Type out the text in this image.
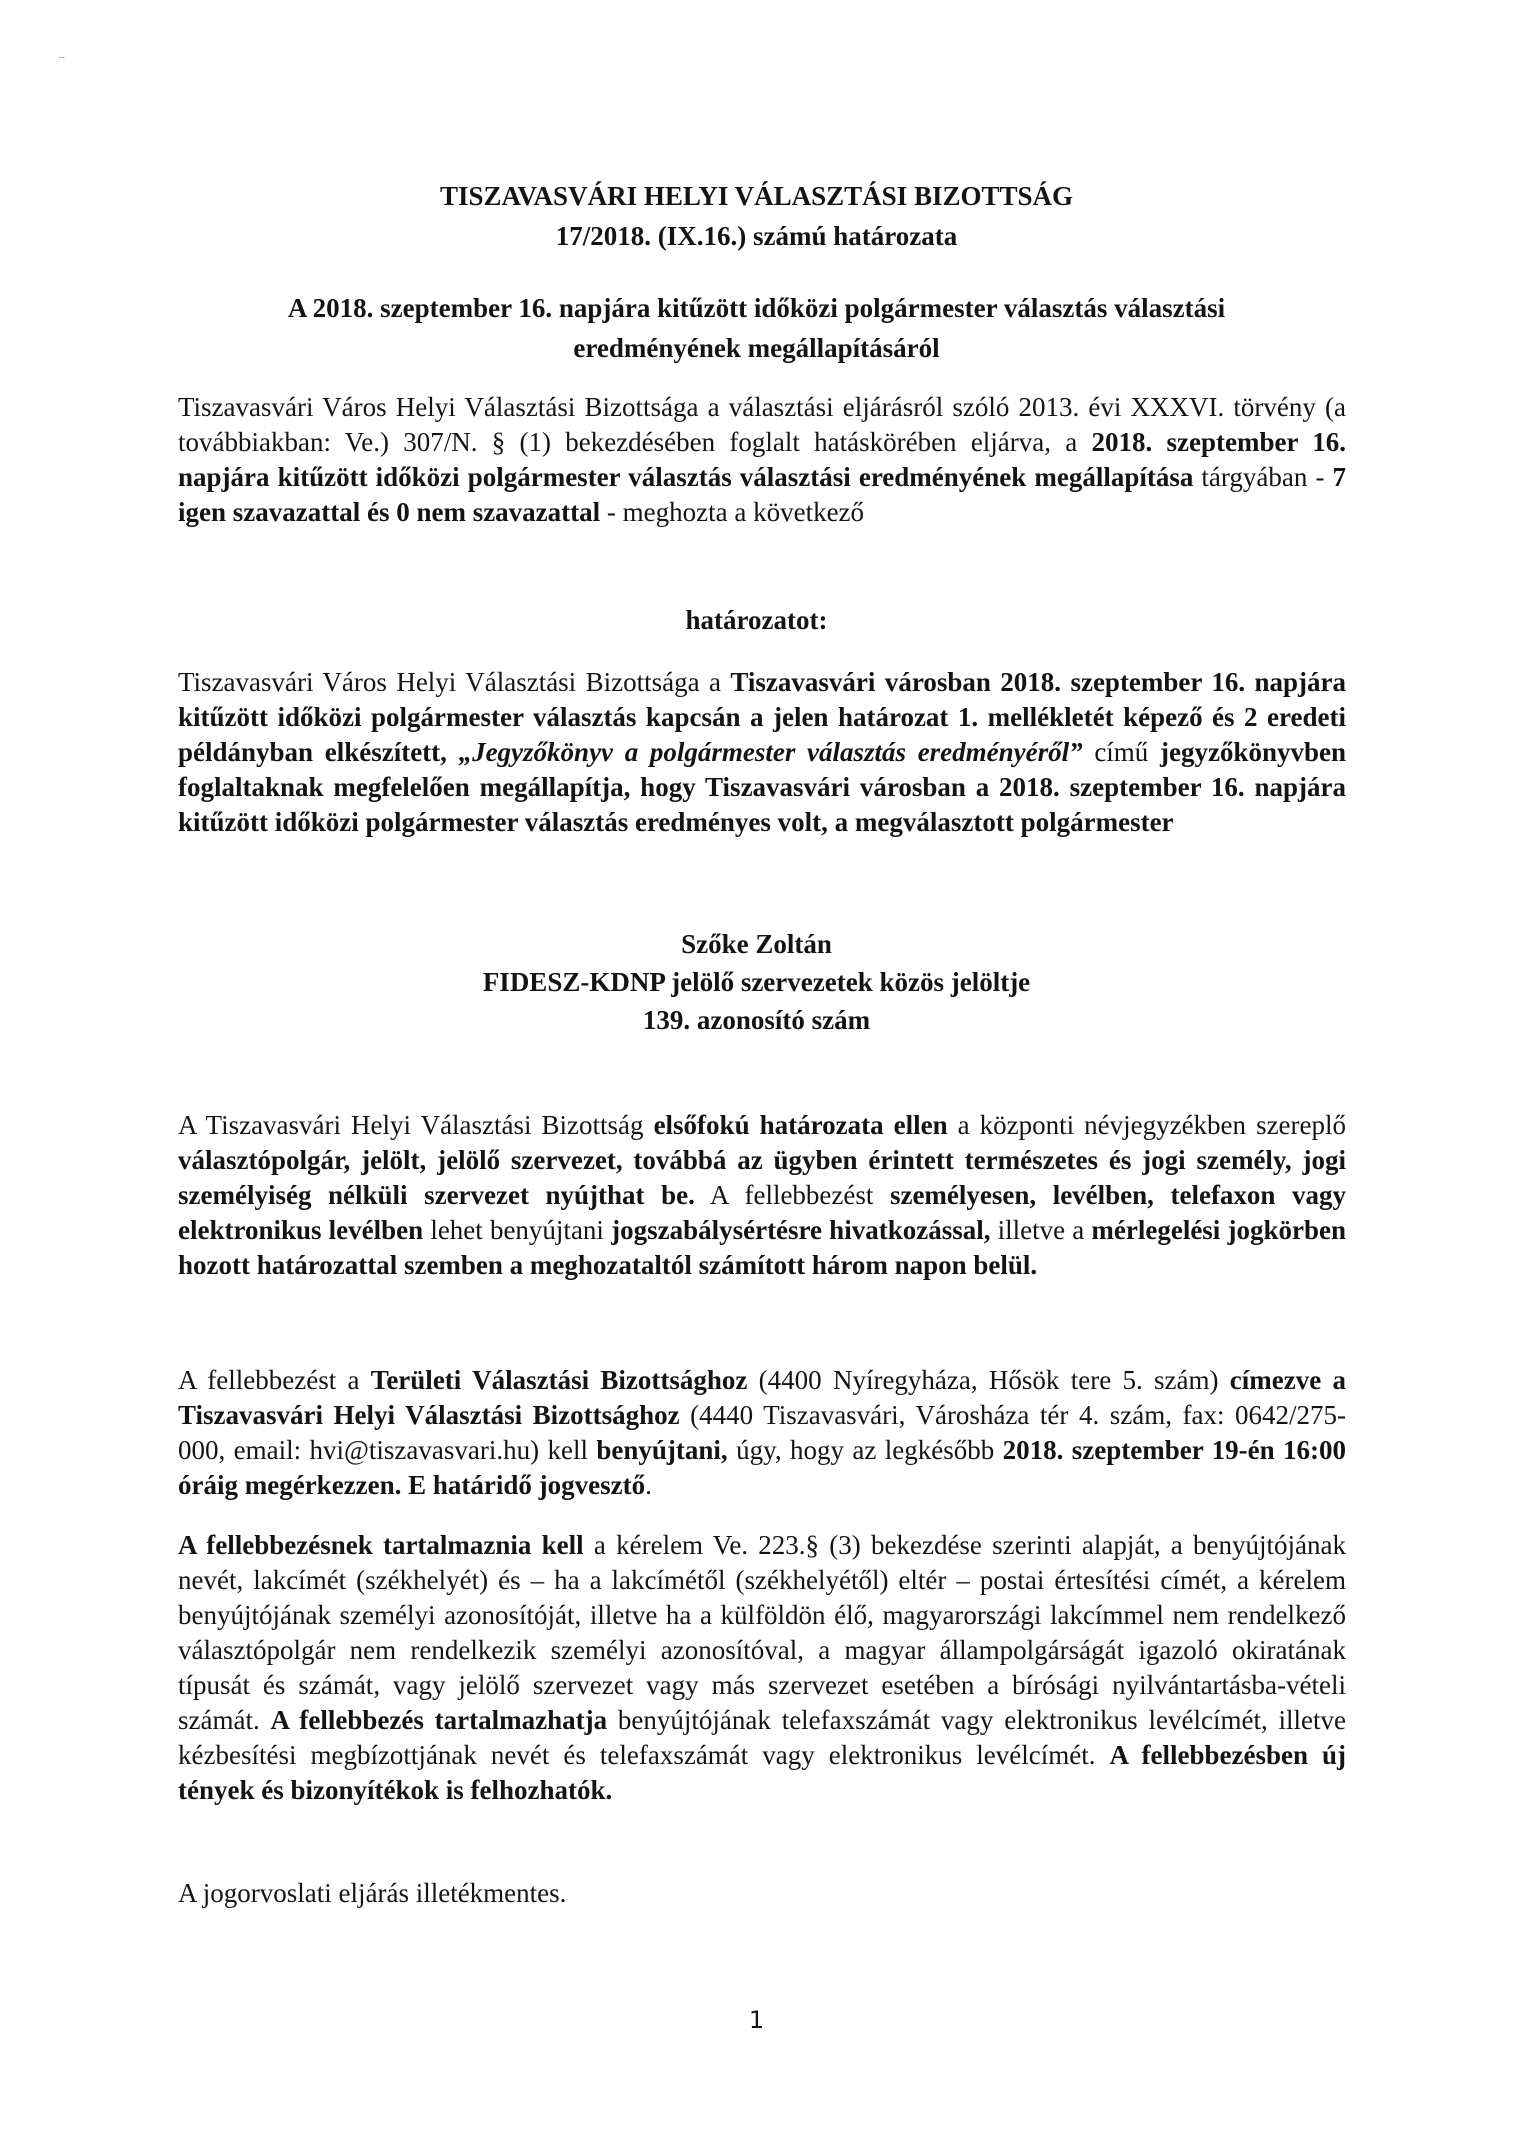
--
TISZAVASVÁRI HELYI VÁLASZTÁSI BIZOTTSÁG
17/2018. (IX.16.) számú határozata
A 2018. szeptember 16. napjára kitűzött időközi polgármester választás választási
eredményének megállapításáról

Tiszavasvári Város Helyi Választási Bizottsága a választási eljárásról szóló 2013. évi XXXVI. törvény (a továbbiakban: Ve.) 307/N. § (1) bekezdésében foglalt hatáskörében eljárva, a 2018. szeptember 16. napjára kitűzött időközi polgármester választás választási eredményének megállapítása tárgyában - 7 igen szavazattal és 0 nem szavazattal - meghozta a következő

határozatot:

Tiszavasvári Város Helyi Választási Bizottsága a Tiszavasvári városban 2018. szeptember 16. napjára kitűzött időközi polgármester választás kapcsán a jelen határozat 1. mellékletét képező és 2 eredeti példányban elkészített, „Jegyzőkönyv a polgármester választás eredményéről” című jegyzőkönyvben foglaltaknak megfelelően megállapítja, hogy Tiszavasvári városban a 2018. szeptember 16. napjára kitűzött időközi polgármester választás eredményes volt, a megválasztott polgármester

Szőke Zoltán
FIDESZ-KDNP jelölő szervezetek közös jelöltje
139. azonosító szám

A Tiszavasvári Helyi Választási Bizottság elsőfokú határozata ellen a központi névjegyzékben szereplő választópolgár, jelölt, jelölő szervezet, továbbá az ügyben érintett természetes és jogi személy, jogi személyiség nélküli szervezet nyújthat be. A fellebbezést személyesen, levélben, telefaxon vagy elektronikus levélben lehet benyújtani jogszabálysértésre hivatkozással, illetve a mérlegelési jogkörben hozott határozattal szemben a meghozataltól számított három napon belül.

A fellebbezést a Területi Választási Bizottsághoz (4400 Nyíregyháza, Hősök tere 5. szám) címezve a Tiszavasvári Helyi Választási Bizottsághoz (4440 Tiszavasvári, Városháza tér 4. szám, fax: 0642/275-000, email: hvi@tiszavasvari.hu) kell benyújtani, úgy, hogy az legkésőbb 2018. szeptember 19-én 16:00 óráig megérkezzen. E határidő jogvesztő.

A fellebbezésnek tartalmaznia kell a kérelem Ve. 223.§ (3) bekezdése szerinti alapját, a benyújtójának nevét, lakcímét (székhelyét) és – ha a lakcímétől (székhelyétől) eltér – postai értesítési címét, a kérelem benyújtójának személyi azonosítóját, illetve ha a külföldön élő, magyarországi lakcímmel nem rendelkező választópolgár nem rendelkezik személyi azonosítóval, a magyar állampolgárságát igazoló okiratának típusát és számát, vagy jelölő szervezet vagy más szervezet esetében a bírósági nyilvántartásba-vételi számát. A fellebbezés tartalmazhatja benyújtójának telefaxszámát vagy elektronikus levélcímét, illetve kézbesítési megbízottjának nevét és telefaxszámát vagy elektronikus levélcímét. A fellebbezésben új tények és bizonyítékok is felhozhatók.

A jogorvoslati eljárás illetékmentes.

1
